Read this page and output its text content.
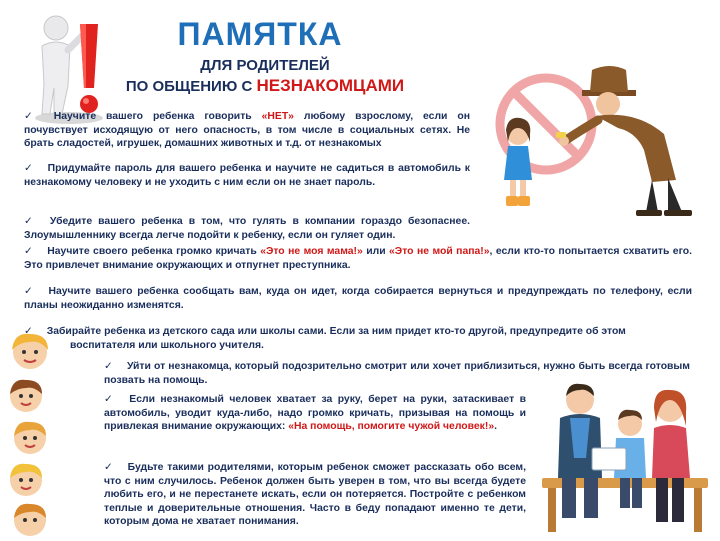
ПАМЯТКА
ДЛЯ РОДИТЕЛЕЙ
ПО ОБЩЕНИЮ С НЕЗНАКОМЦАМИ
✓ Научите вашего ребенка говорить «НЕТ» любому взрослому, если он почувствует исходящую от него опасность, в том числе в социальных сетях. Не брать сладостей, игрушек, домашних животных и т.д. от незнакомых
✓ Придумайте пароль для вашего ребенка и научите не садиться в автомобиль к незнакомому человеку и не уходить с ним если он не знает пароль.
✓ Убедите вашего ребенка в том, что гулять в компании гораздо безопаснее. Злоумышленнику всегда легче подойти к ребенку, если он гуляет один.
✓ Научите своего ребенка громко кричать «Это не моя мама!» или «Это не мой папа!», если кто-то попытается схватить его. Это привлечет внимание окружающих и отпугнет преступника.
✓ Научите вашего ребенка сообщать вам, куда он идет, когда собирается вернуться и предупреждать по телефону, если планы неожиданно изменятся.
✓ Забирайте ребенка из детского сада или школы сами. Если за ним придет кто-то другой, предупредите об этом
воспитателя или школьного учителя.
✓ Уйти от незнакомца, который подозрительно смотрит или хочет приблизиться, нужно быть всегда готовым позвать на помощь.
✓ Если незнакомый человек хватает за руку, берет на руки, затаскивает в автомобиль, уводит куда-либо, надо громко кричать, призывая на помощь и привлекая внимание окружающих: «На помощь, помогите чужой человек!».
✓ Будьте такими родителями, которым ребенок сможет рассказать обо всем, что с ним случилось. Ребенок должен быть уверен в том, что вы всегда будете любить его, и не перестанете искать, если он потеряется. Постройте с ребенком теплые и доверительные отношения. Часто в беду попадают именно те дети, которым дома не хватает понимания.
